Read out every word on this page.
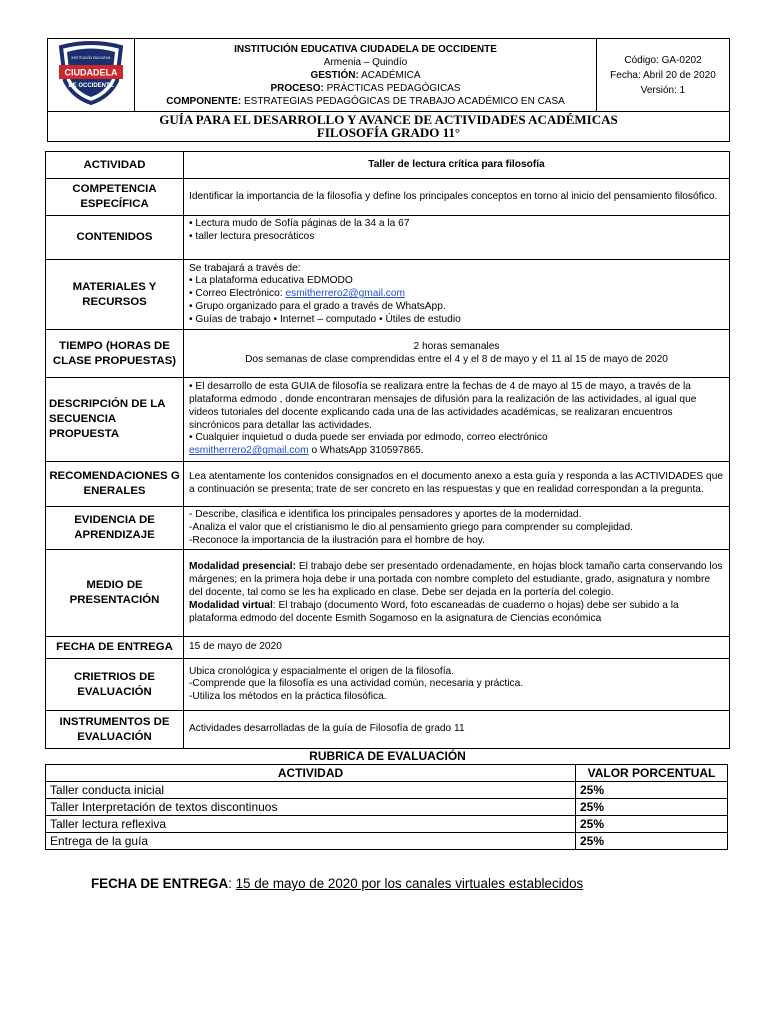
CIUDADELA
DE OCCIDENTE
INSTITUCIÓN EDUCATIVA

INSTITUCIÓN EDUCATIVA CIUDADELA DE OCCIDENTE
Armenia – Quindío
GESTIÓN: ACADÉMICA
PROCESO: PRÁCTICAS PEDAGÓGICAS
COMPONENTE: ESTRATEGIAS PEDAGÓGICAS DE TRABAJO ACADÉMICO EN CASA

Código: GA-0202
Fecha: Abril 20 de 2020
Versión: 1

GUÍA PARA EL DESARROLLO Y AVANCE DE ACTIVIDADES ACADÉMICAS
FILOSOFÍA GRADO 11°
ACTIVIDAD	Taller de lectura crítica para filosofía
COMPETENCIA ESPECÍFICA	Identificar la importancia de la filosofía y define los principales conceptos en torno al inicio del pensamiento filosófico.
CONTENIDOS	• Lectura mudo de Sofía páginas de la 34 a la 67
• taller lectura presocráticos

MATERIALES Y RECURSOS	Se trabajará a través de:
• La plataforma educativa EDMODO
• Correo Electrónico: esmitherrero2@gmail.com
• Grupo organizado para el grado a través de WhatsApp.
• Guías de trabajo • Internet – computado • Útiles de estudio

TIEMPO (HORAS DE CLASE PROPUESTAS)	2 horas semanales
Dos semanas de clase comprendidas entre el 4 y el 8 de mayo y el 11 al 15 de mayo de 2020

DESCRIPCIÓN DE LA SECUENCIA PROPUESTA	• El desarrollo de esta GUIA de filosofía se realizara entre la fechas de 4 de mayo al 15 de mayo, a través de la plataforma edmodo , donde encontraran mensajes de difusión para la realización de las actividades, al igual que videos tutoriales del docente explicando cada una de las actividades académicas, se realizaran encuentros sincrónicos para detallar las actividades.
• Cualquier inquietud o duda puede ser enviada por edmodo, correo electrónico
esmitherrero2@gmail.com o WhatsApp 310597865.

RECOMENDACIONES GENERALES	Lea atentamente los contenidos consignados en el documento anexo a esta guía y responda a las ACTIVIDADES que a continuación se presenta; trate de ser concreto en las respuestas y que en realidad correspondan a la pregunta.
EVIDENCIA DE APRENDIZAJE	- Describe, clasifica e identifica los principales pensadores y aportes de la modernidad.
-Analiza el valor que el cristianismo le dio al pensamiento griego para comprender su complejidad.
-Reconoce la importancia de la ilustración para el hombre de hoy.

MEDIO DE PRESENTACIÓN	Modalidad presencial: El trabajo debe ser presentado ordenadamente, en hojas block tamaño carta conservando los márgenes; en la primera hoja debe ir una portada con nombre completo del estudiante, grado, asignatura y nombre del docente, tal como se les ha explicado en clase. Debe ser dejada en la portería del colegio.
Modalidad virtual: El trabajo (documento Word, foto escaneadas de cuaderno o hojas) debe ser subido a la plataforma edmodo del docente Esmith Sogamoso en la asignatura de Ciencias económica

FECHA DE ENTREGA	15 de mayo de 2020
CRIETRIOS DE EVALUACIÓN	Ubica cronológica y espacialmente el origen de la filosofía.
-Comprende que la filosofía es una actividad común, necesaria y práctica.
-Utiliza los métodos en la práctica filosófica.

INSTRUMENTOS DE EVALUACIÓN	Actividades desarrolladas de la guía de Filosofía de grado 11
RUBRICA DE EVALUACIÓN
ACTIVIDAD	VALOR PORCENTUAL
Taller conducta inicial	25%
Taller Interpretación de textos discontinuos	25%
Taller lectura reflexiva	25%
Entrega de la guía	25%
FECHA DE ENTREGA: 15 de mayo de 2020 por los canales virtuales establecidos
